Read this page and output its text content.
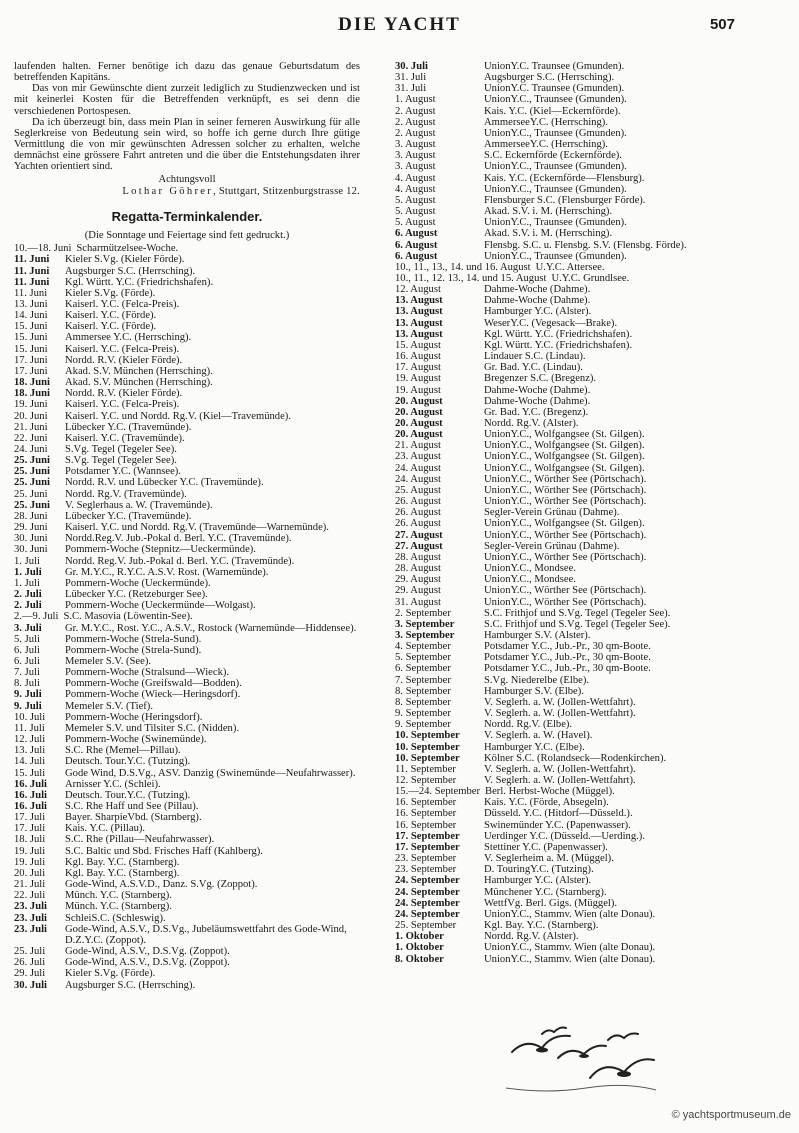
DIE YACHT	507
laufenden halten. Ferner benötige ich dazu das genaue Geburtsdatum des betreffenden Kapitäns.
Das von mir Gewünschte dient zurzeit lediglich zu Studienzwecken und ist mit keinerlei Kosten für die Betreffenden verknüpft, es sei denn die verschiedenen Portospesen.
Da ich überzeugt bin, dass mein Plan in seiner ferneren Auswirkung für alle Seglerkreise von Bedeutung sein wird, so hoffe ich gerne durch Ihre gütige Vermittlung die von mir gewünschten Adressen solcher zu erhalten, welche demnächst eine grössere Fahrt antreten und die über die Entstehungsdaten ihrer Yachten orientiert sind.
Achtungsvoll
Lothar Göhrer, Stuttgart, Stitzenburgstrasse 12.
Regatta-Terminkalender.
(Die Sonntage und Feiertage sind fett gedruckt.)
10.—18. Juni Scharmützelsee-Woche.
11. Juni	Kieler S.Vg. (Kieler Förde).
11. Juni	Augsburger S.C. (Herrsching).
11. Juni	Kgl. Württ. Y.C. (Friedrichshafen).
11. Juni	Kieler S.Vg. (Förde).
13. Juni	Kaiserl. Y.C. (Felca-Preis).
14. Juni	Kaiserl. Y.C. (Förde).
15. Juni	Kaiserl. Y.C. (Förde).
15. Juni	Ammersee Y.C. (Herrsching).
15. Juni	Kaiserl. Y.C. (Felca-Preis).
17. Juni	Nordd. R.V. (Kieler Förde).
17. Juni	Akad. S.V. München (Herrsching).
18. Juni	Akad. S.V. München (Herrsching).
18. Juni	Nordd. R.V. (Kieler Förde).
19. Juni	Kaiserl. Y.C. (Felca-Preis).
20. Juni	Kaiserl. Y.C. und Nordd. Rg.V. (Kiel—Travemünde).
21. Juni	Lübecker Y.C. (Travemünde).
22. Juni	Kaiserl. Y.C. (Travemünde).
24. Juni	S.Vg. Tegel (Tegeler See).
25. Juni	S.Vg. Tegel (Tegeler See).
25. Juni	Potsdamer Y.C. (Wannsee).
25. Juni	Nordd. R.V. und Lübecker Y.C. (Travemünde).
25. Juni	Nordd. Rg.V. (Travemünde).
25. Juni	V. Seglerhaus a. W. (Travemünde).
28. Juni	Lübecker Y.C. (Travemünde).
29. Juni	Kaiserl. Y.C. und Nordd. Rg.V. (Travemünde—Warnemünde).
30. Juni	Nordd.Reg.V. Jub.-Pokal d. Berl. Y.C. (Travemünde).
30. Juni	Pommern-Woche (Stepnitz—Ueckermünde).
1. Juli	Nordd. Reg.V. Jub.-Pokal d. Berl. Y.C. (Travemünde).
1. Juli	Gr. M.Y.C., R.Y.C. A.S.V. Rost. (Warnemünde).
1. Juli	Pommern-Woche (Ueckermünde).
2. Juli	Lübecker Y.C. (Retzeburger See).
2. Juli	Pommern-Woche (Ueckermünde—Wolgast).
2.—9. Juli S.C. Masovia (Löwentin-See).
3. Juli	Gr. M.Y.C., Rost. Y.C., A.S.V., Rostock (Warnemünde—Hiddensee).
5. Juli	Pommern-Woche (Strela-Sund).
6. Juli	Pommern-Woche (Strela-Sund).
6. Juli	Memeler S.V. (See).
7. Juli	Pommern-Woche (Stralsund—Wieck).
8. Juli	Pommern-Woche (Greifswald—Bodden).
9. Juli	Pommern-Woche (Wieck—Heringsdorf).
9. Juli	Memeler S.V. (Tief).
10. Juli	Pommern-Woche (Heringsdorf).
11. Juli	Memeler S.V. und Tilsiter S.C. (Nidden).
12. Juli	Pommern-Woche (Swinemünde).
13. Juli	S.C. Rhe (Memel—Pillau).
14. Juli	Deutsch. Tour.Y.C. (Tutzing).
15. Juli	Gode Wind, D.S.Vg., ASV. Danzig (Swinemünde—Neufahrwasser).
16. Juli	Arnisser Y.C. (Schlei).
16. Juli	Deutsch. Tour.Y.C. (Tutzing).
16. Juli	S.C. Rhe Haff und See (Pillau).
17. Juli	Bayer. SharpieVbd. (Starnberg).
17. Juli	Kais. Y.C. (Pillau).
18. Juli	S.C. Rhe (Pillau—Neufahrwasser).
19. Juli	S.C. Baltic und Sbd. Frisches Haff (Kahlberg).
19. Juli	Kgl. Bay. Y.C. (Starnberg).
20. Juli	Kgl. Bay. Y.C. (Starnberg).
21. Juli	Gode-Wind, A.S.V.D., Danz. S.Vg. (Zoppot).
22. Juli	Münch. Y.C. (Starnberg).
23. Juli	Münch. Y.C. (Starnberg).
23. Juli	SchleiS.C. (Schleswig).
23. Juli	Gode-Wind, A.S.V., D.S.Vg., Jubeläumswettfahrt des Gode-Wind, D.Z.Y.C. (Zoppot).
25. Juli	Gode-Wind, A.S.V., D.S.Vg. (Zoppot).
26. Juli	Gode-Wind, A.S.V., D.S.Vg. (Zoppot).
29. Juli	Kieler S.Vg. (Förde).
30. Juli	Augsburger S.C. (Herrsching).
30. Juli	UnionY.C. Traunsee (Gmunden).
31. Juli	Augsburger S.C. (Herrsching).
31. Juli	UnionY.C. Traunsee (Gmunden).
1. August	UnionY.C., Traunsee (Gmunden).
2. August	Kais. Y.C. (Kiel—Eckernförde).
2. August	AmmerseeY.C. (Herrsching).
2. August	UnionY.C., Traunsee (Gmunden).
3. August	AmmerseeY.C. (Herrsching).
3. August	S.C. Eckernförde (Eckernförde).
3. August	UnionY.C., Traunsee (Gmunden).
4. August	Kais. Y.C. (Eckernförde—Flensburg).
4. August	UnionY.C., Traunsee (Gmunden).
5. August	Flensburger S.C. (Flensburger Förde).
5. August	Akad. S.V. i. M. (Herrsching).
5. August	UnionY.C., Traunsee (Gmunden).
6. August	Akad. S.V. i. M. (Herrsching).
6. August	Flensbg. S.C. u. Flensbg. S.V. (Flensbg. Förde).
6. August	UnionY.C., Traunsee (Gmunden).
10., 11., 13., 14. und 16. August U.Y.C. Attersee.
10., 11., 12. 13., 14. und 15. August U.Y.C. Grundlsee.
12. August	Dahme-Woche (Dahme).
13. August	Dahme-Woche (Dahme).
13. August	Hamburger Y.C. (Alster).
13. August	WeserY.C. (Vegesack—Brake).
13. August	Kgl. Württ. Y.C. (Friedrichshafen).
15. August	Kgl. Württ. Y.C. (Friedrichshafen).
16. August	Lindauer S.C. (Lindau).
17. August	Gr. Bad. Y.C. (Lindau).
19. August	Bregenzer S.C. (Bregenz).
19. August	Dahme-Woche (Dahme).
20. August	Dahme-Woche (Dahme).
20. August	Gr. Bad. Y.C. (Bregenz).
20. August	Nordd. Rg.V. (Alster).
20. August	UnionY.C., Wolfgangsee (St. Gilgen).
21. August	UnionY.C., Wolfgangsee (St. Gilgen).
23. August	UnionY.C., Wolfgangsee (St. Gilgen).
24. August	UnionY.C., Wolfgangsee (St. Gilgen).
24. August	UnionY.C., Wörther See (Pörtschach).
25. August	UnionY.C., Wörther See (Pörtschach).
26. August	UnionY.C., Wörther See (Pörtschach).
26. August	Segler-Verein Grünau (Dahme).
26. August	UnionY.C., Wolfgangsee (St. Gilgen).
27. August	UnionY.C., Wörther See (Pörtschach).
27. August	Segler-Verein Grünau (Dahme).
28. August	UnionY.C., Wörther See (Pörtschach).
28. August	UnionY.C., Mondsee.
29. August	UnionY.C., Mondsee.
29. August	UnionY.C., Wörther See (Pörtschach).
31. August	UnionY.C., Wörther See (Pörtschach).
2. September	S.C. Frithjof und S.Vg. Tegel (Tegeler See).
3. September	S.C. Frithjof und S.Vg. Tegel (Tegeler See).
3. September	Hamburger S.V. (Alster).
4. September	Potsdamer Y.C., Jub.-Pr., 30 qm-Boote.
5. September	Potsdamer Y.C., Jub.-Pr., 30 qm-Boote.
6. September	Potsdamer Y.C., Jub.-Pr., 30 qm-Boote.
7. September	S.Vg. Niederelbe (Elbe).
8. September	Hamburger S.V. (Elbe).
8. September	V. Seglerh. a. W. (Jollen-Wettfahrt).
9. September	V. Seglerh. a. W. (Jollen-Wettfahrt).
9. September	Nordd. Rg.V. (Elbe).
10. September	V. Seglerh. a. W. (Havel).
10. September	Hamburger Y.C. (Elbe).
10. September	Kölner S.C. (Rolandseck—Rodenkirchen).
11. September	V. Seglerh. a. W. (Jollen-Wettfahrt).
12. September	V. Seglerh. a. W. (Jollen-Wettfahrt).
15.—24. September Berl. Herbst-Woche (Müggel).
16. September	Kais. Y.C. (Förde, Absegeln).
16. September	Düsseld. Y.C. (Hitdorf—Düsseld.).
16. September	Swinemünder Y.C. (Papenwasser).
17. September	Uerdinger Y.C. (Düsseld.—Uerding.).
17. September	Stettiner Y.C. (Papenwasser).
23. September	V. Seglerheim a. M. (Müggel).
23. September	D. TouringY.C. (Tutzing).
24. September	Hamburger Y.C. (Alster).
24. September	Münchener Y.C. (Starnberg).
24. September	WettfVg. Berl. Gigs. (Müggel).
24. September	UnionY.C., Stammv. Wien (alte Donau).
25. September	Kgl. Bay. Y.C. (Starnberg).
1. Oktober	Nordd. Rg.V. (Alster).
1. Oktober	UnionY.C., Stammv. Wien (alte Donau).
8. Oktober	UnionY.C., Stammv. Wien (alte Donau).
© yachtsportmuseum.de
